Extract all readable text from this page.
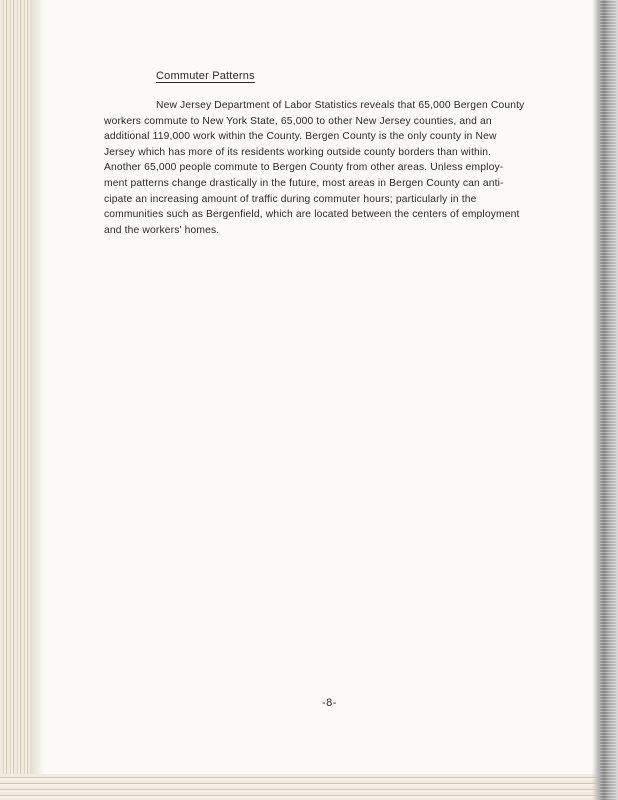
Commuter Patterns
New Jersey Department of Labor Statistics reveals that 65,000 Bergen County
workers commute to New York State, 65,000 to other New Jersey counties, and an
additional 119,000 work within the County. Bergen County is the only county in New
Jersey which has more of its residents working outside county borders than within.
Another 65,000 people commute to Bergen County from other areas. Unless employ-
ment patterns change drastically in the future, most areas in Bergen County can anti-
cipate an increasing amount of traffic during commuter hours; particularly in the
communities such as Bergenfield, which are located between the centers of employment
and the workers' homes.
-8-
